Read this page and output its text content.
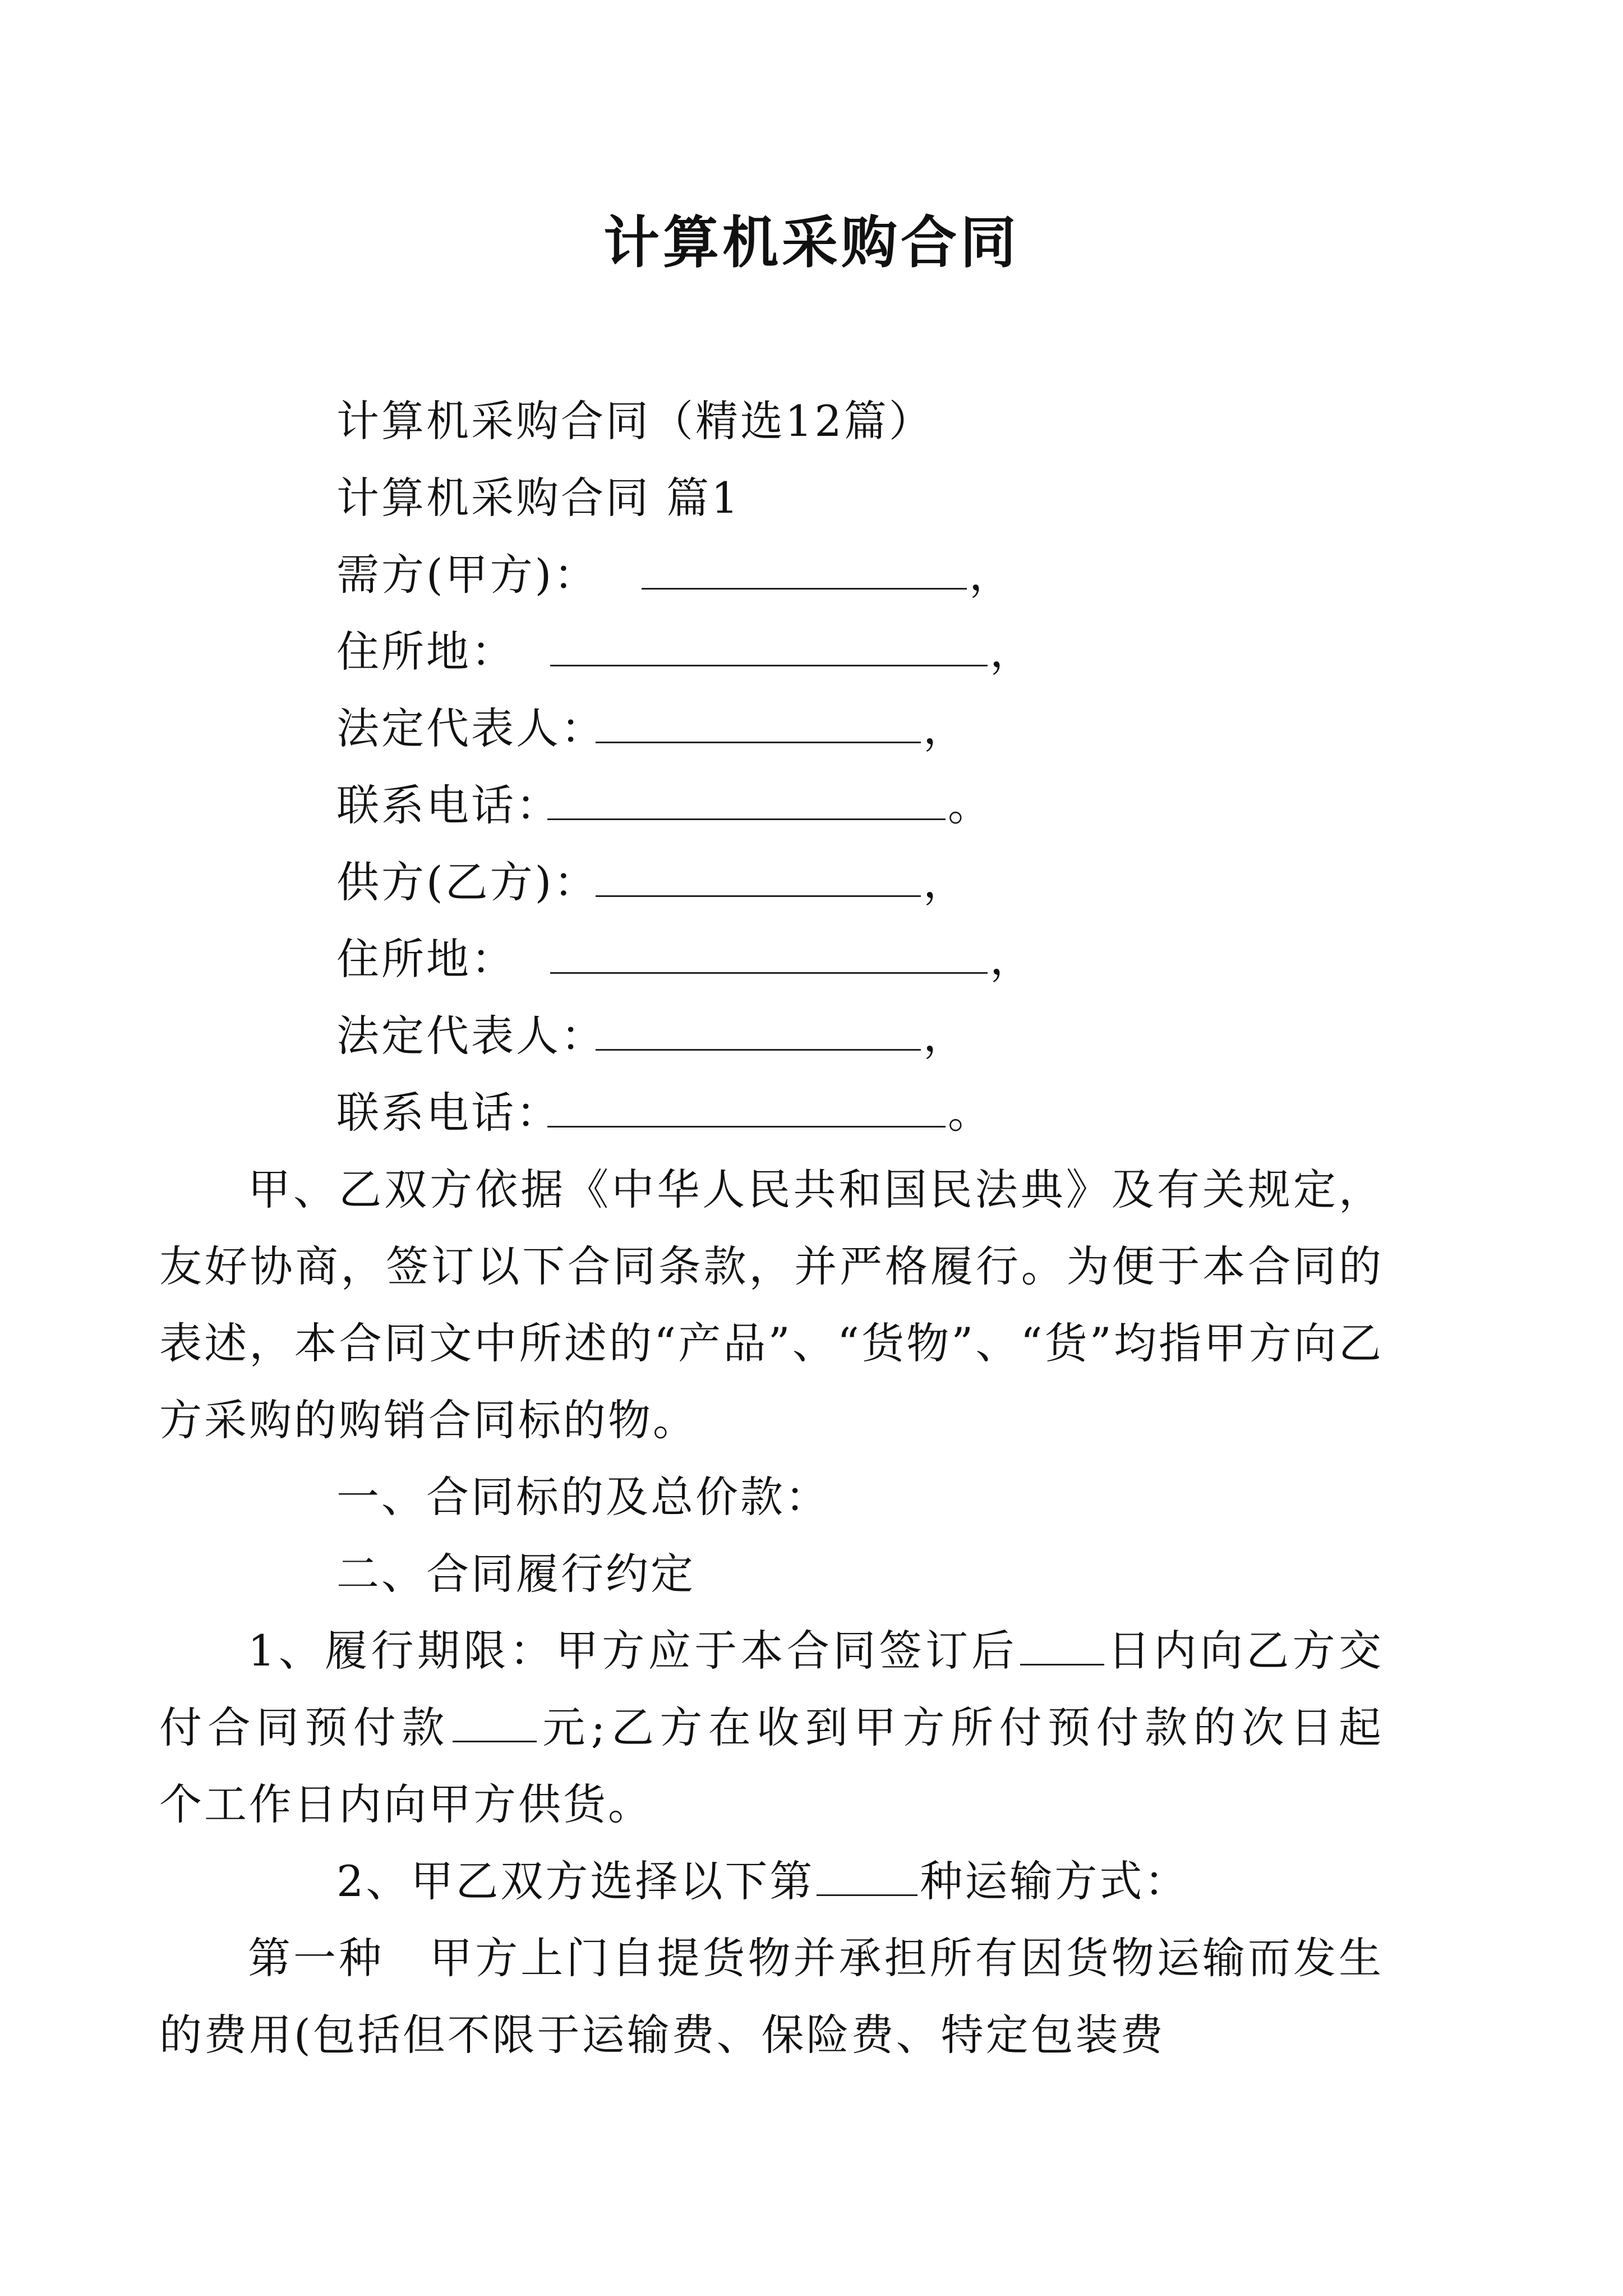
计算机采购合同
计算机采购合同（精选12篇）
计算机采购合同 篇1
需方(甲方)：	，
住所地：	，
法定代表人：	，
联系电话：	。
供方(乙方)：	，
住所地：	，
法定代表人：	，
联系电话：	。
甲、乙双方依据《中华人民共和国民法典》及有关规定，友好协商，签订以下合同条款，并严格履行。为便于本合同的表述，本合同文中所述的“产品”、“货物”、“货”均指甲方向乙方采购的购销合同标的物。
一、合同标的及总价款：
二、合同履行约定
1、履行期限：甲方应于本合同签订后 日内向乙方交付合同预付款 元;乙方在收到甲方所付预付款的次日起　个工作日内向甲方供货。
2、甲乙双方选择以下第 种运输方式：
第一种　甲方上门自提货物并承担所有因货物运输而发生的费用(包括但不限于运输费、保险费、特定包装费
